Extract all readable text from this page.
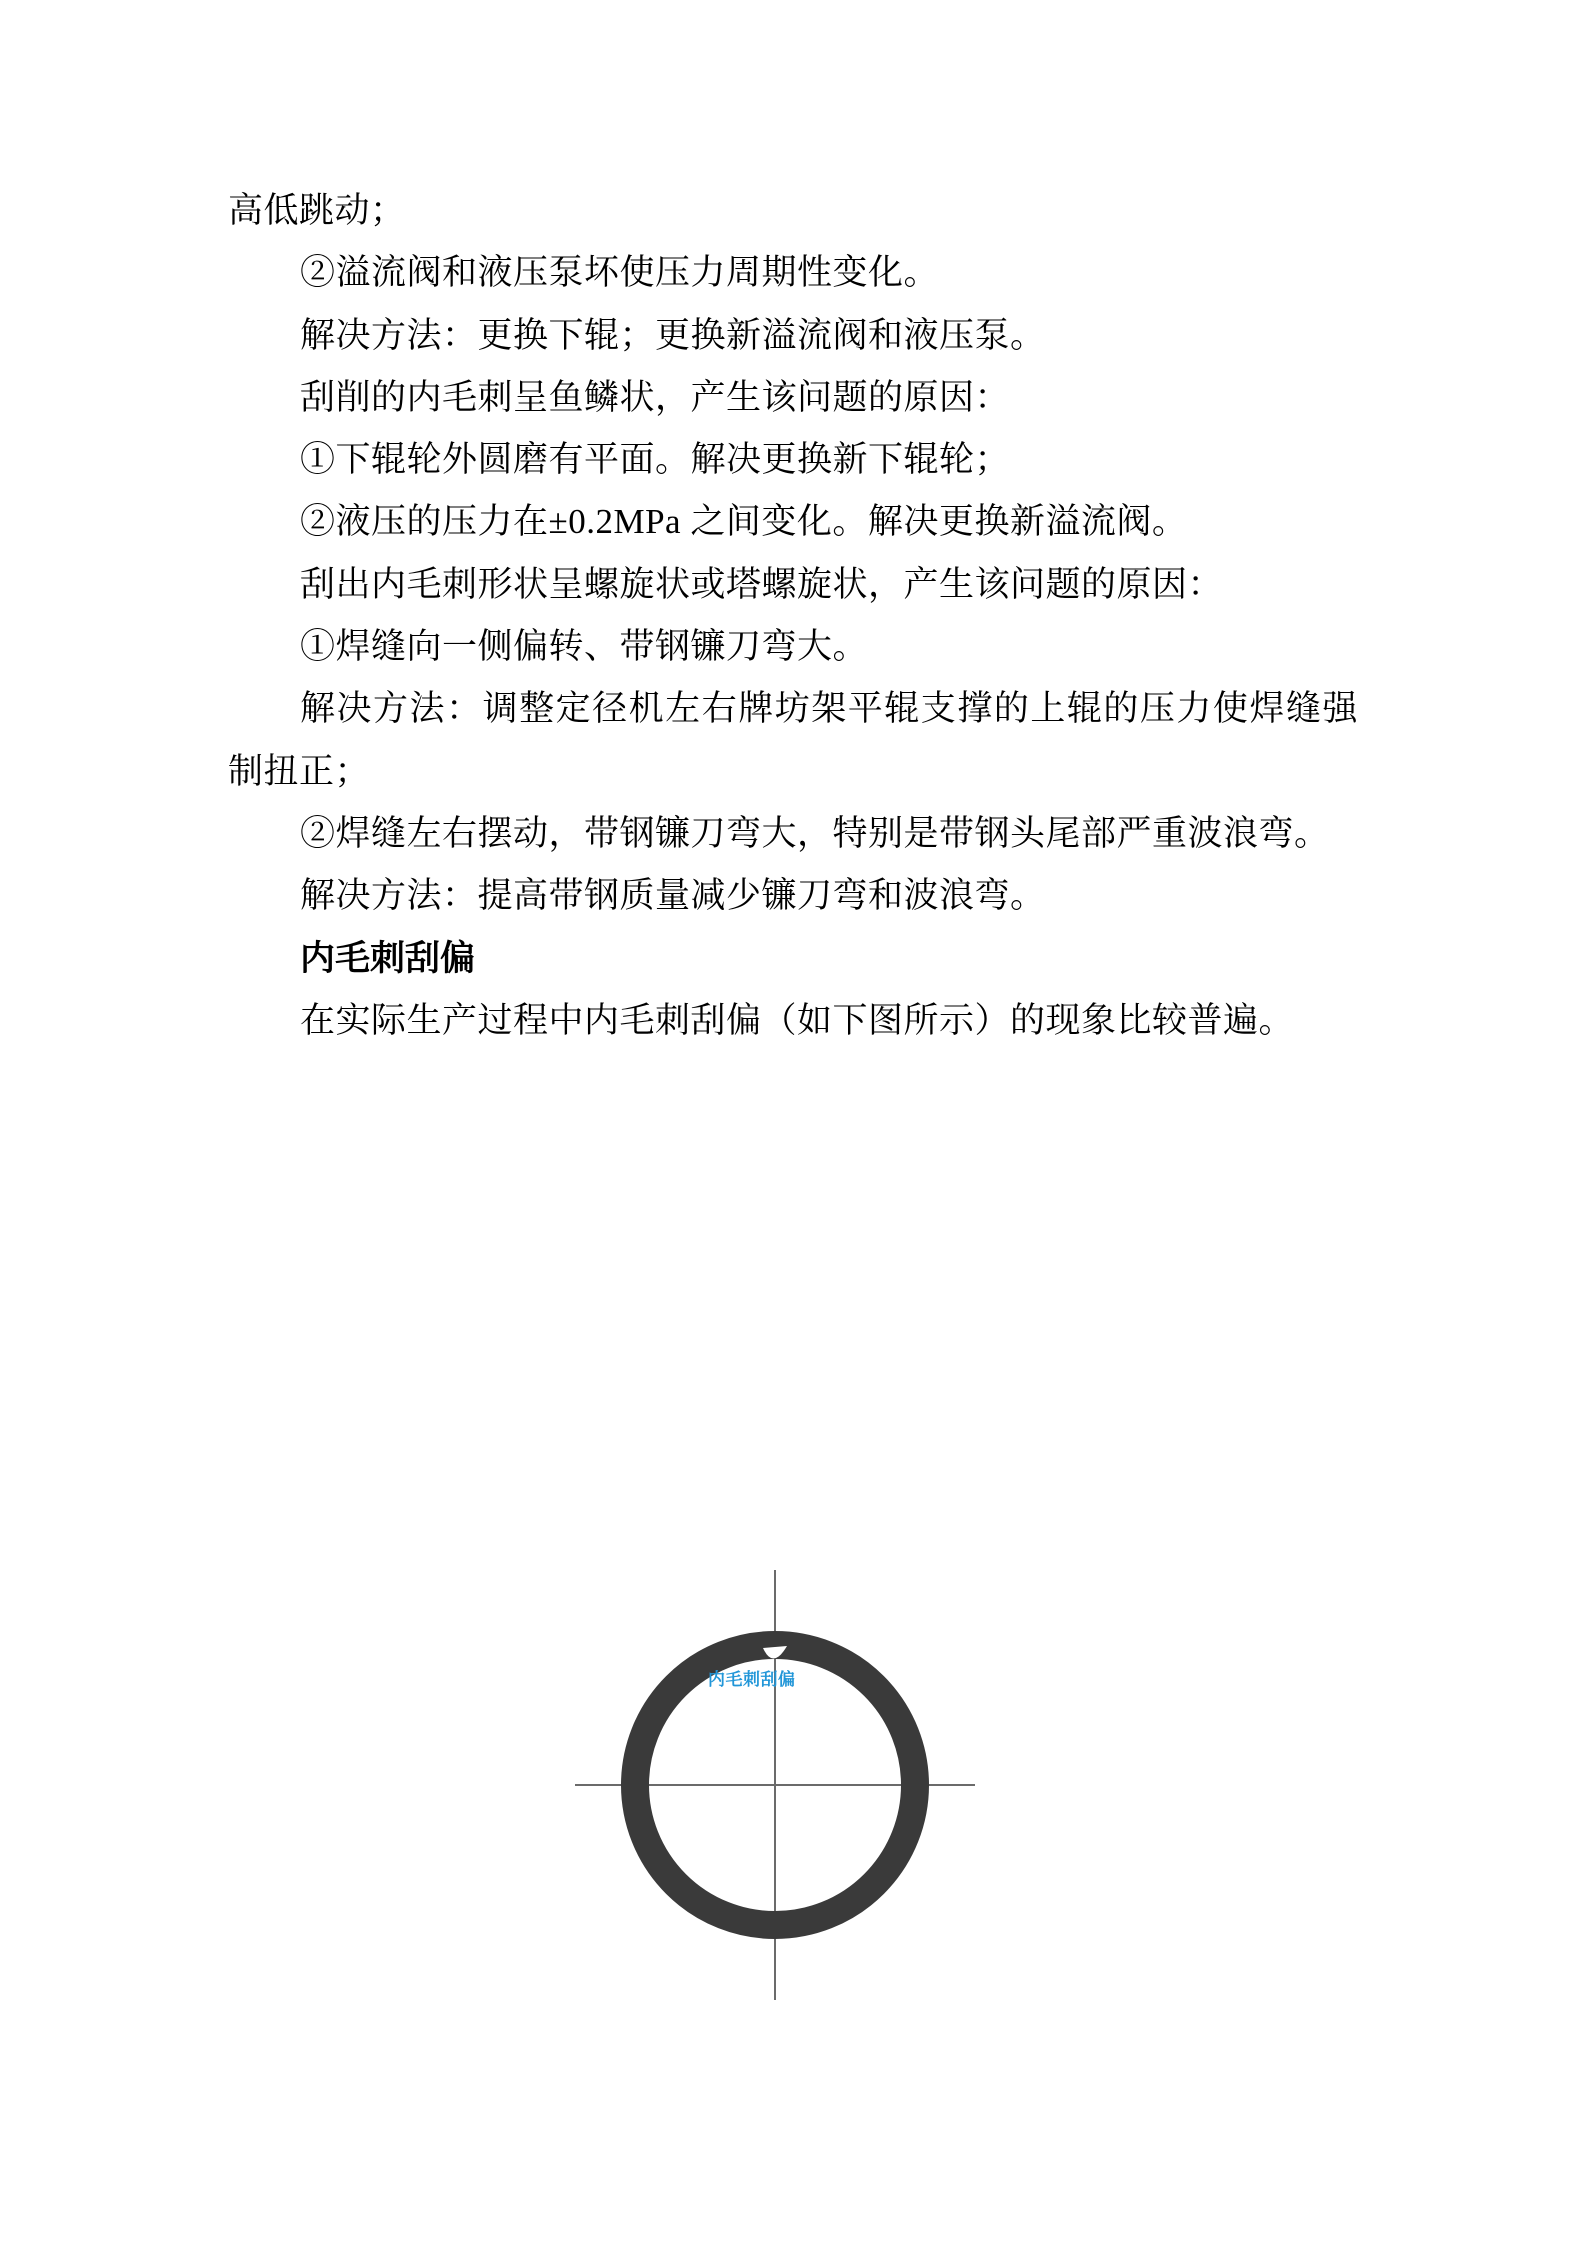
高低跳动；

②溢流阀和液压泵坏使压力周期性变化。

解决方法：更换下辊；更换新溢流阀和液压泵。

刮削的内毛刺呈鱼鳞状，产生该问题的原因：

①下辊轮外圆磨有平面。解决更换新下辊轮；

②液压的压力在±0.2MPa 之间变化。解决更换新溢流阀。

刮出内毛刺形状呈螺旋状或塔螺旋状，产生该问题的原因：

①焊缝向一侧偏转、带钢镰刀弯大。

解决方法：调整定径机左右牌坊架平辊支撑的上辊的压力使焊缝强制扭正；

②焊缝左右摆动，带钢镰刀弯大，特别是带钢头尾部严重波浪弯。

解决方法：提高带钢质量减少镰刀弯和波浪弯。

内毛刺刮偏

在实际生产过程中内毛刺刮偏（如下图所示）的现象比较普遍。

内毛刺刮偏
